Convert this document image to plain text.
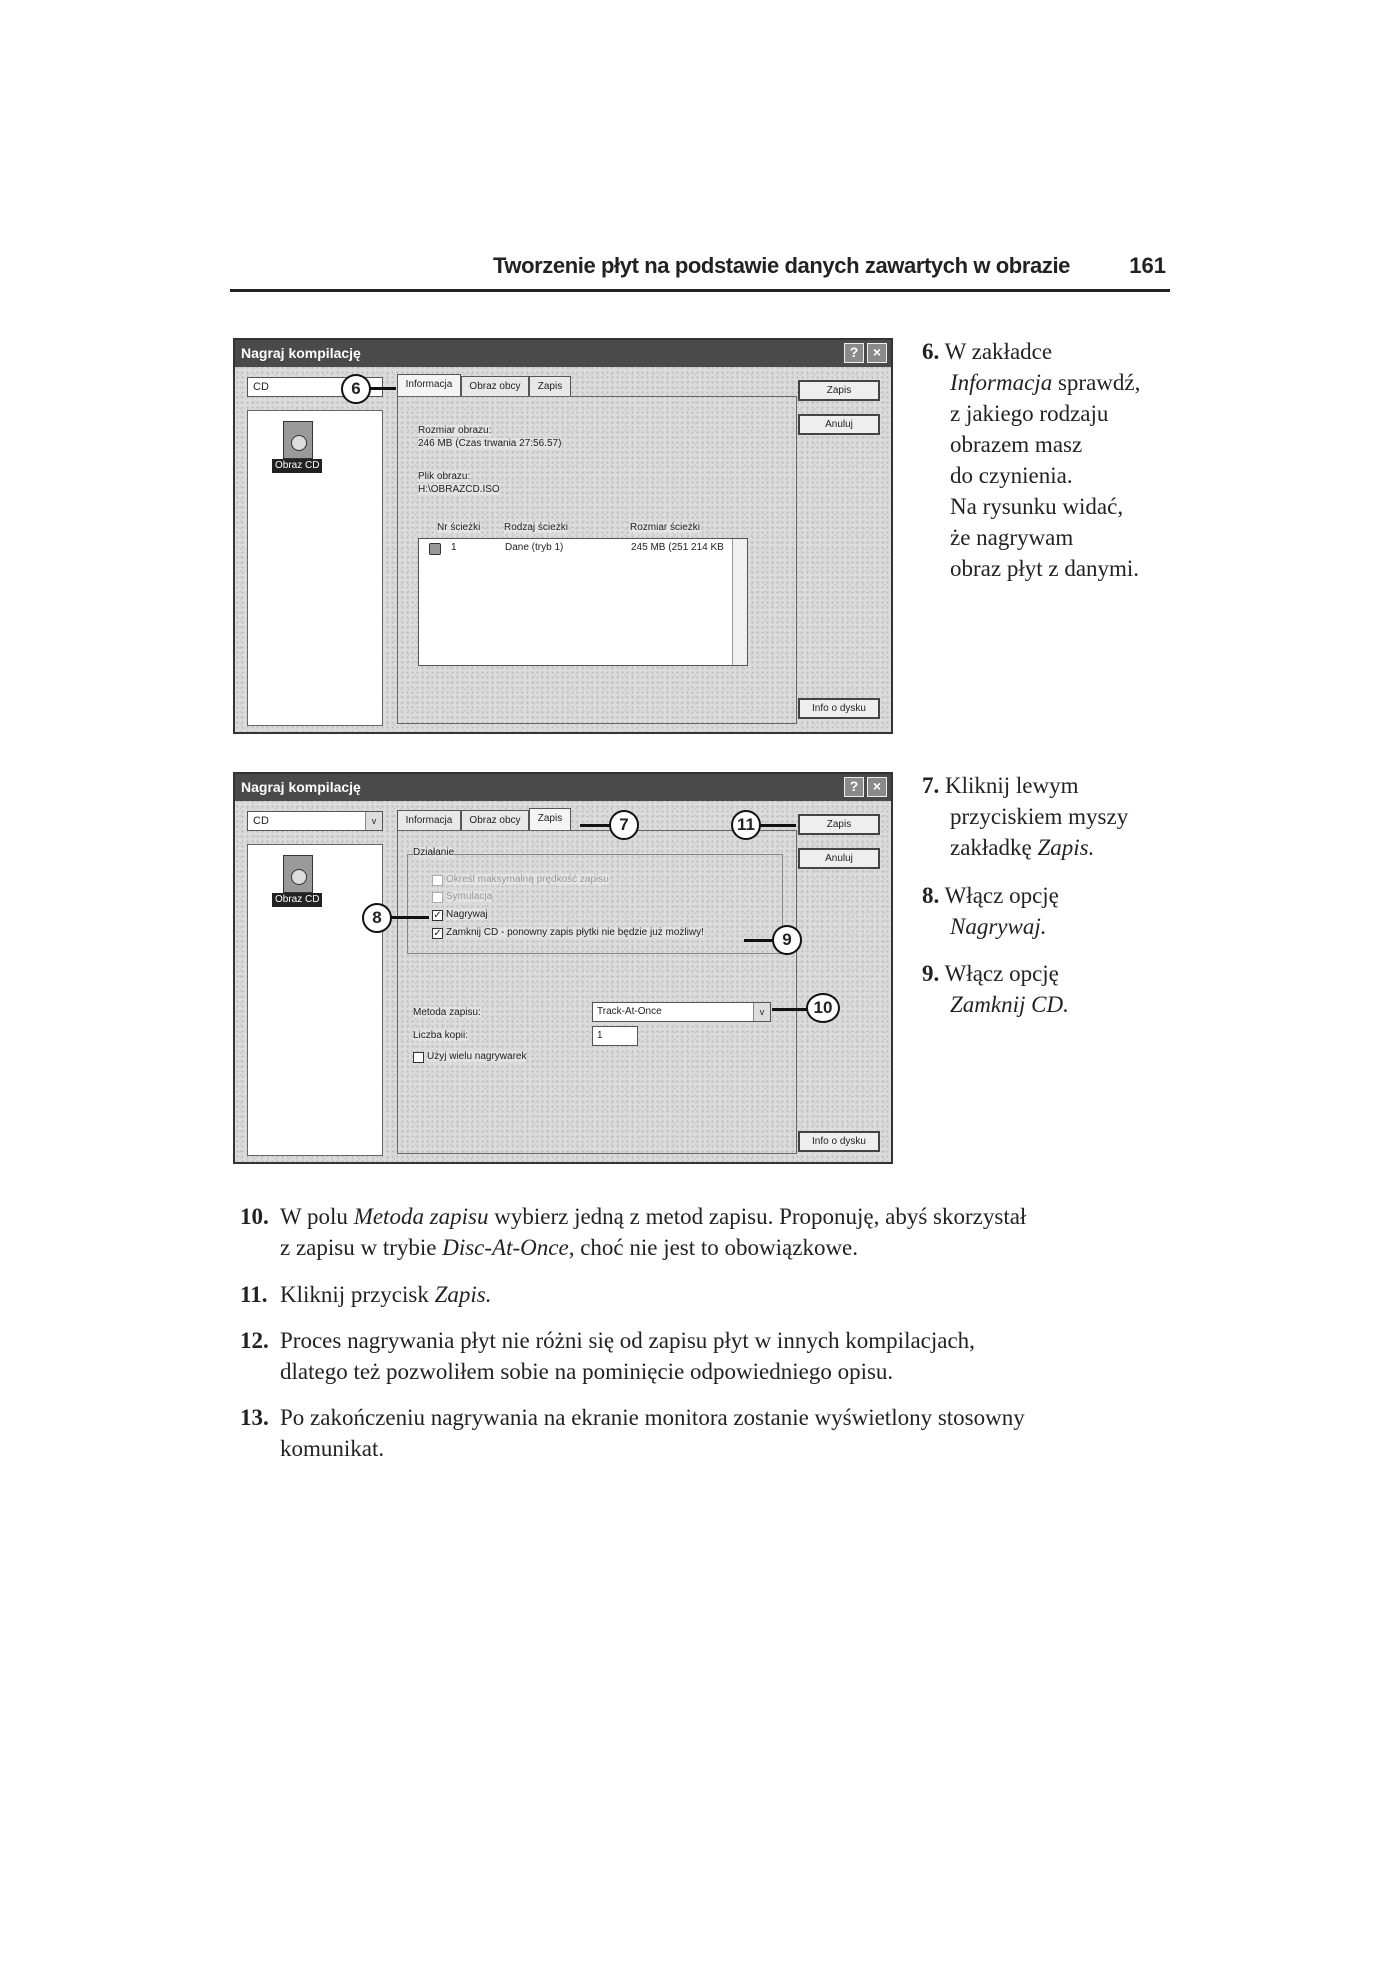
Tworzenie płyt na podstawie danych zawartych w obrazie	161
Nagraj kompilację	?	×
CD
Obraz CD
Informacja	Obraz obcy	Zapis
Rozmiar obrazu:
246 MB (Czas trwania 27:56.57)
Plik obrazu:
H:\OBRAZCD.ISO
Nr ścieżki Rodzaj ścieżki	Rozmiar ścieżki
1	Dane (tryb 1)	245 MB (251 214 KB
Zapis
Anuluj
Info o dysku
6
Nagraj kompilację	?	×
CD	v
Obraz CD
Informacja	Obraz obcy	Zapis
Działanie
Określ maksymalną prędkość zapisu
Symulacja
✓ Nagrywaj
✓ Zamknij CD - ponowny zapis płytki nie będzie już możliwy!
Metoda zapisu:	Track-At-Once	v
Liczba kopii:	1
Użyj wielu nagrywarek
Zapis
Anuluj
Info o dysku
7	11
8
9
10
6. W zakładce
Informacja sprawdź,
z jakiego rodzaju
obrazem masz
do czynienia.
Na rysunku widać,
że nagrywam
obraz płyt z danymi.
7. Kliknij lewym
przyciskiem myszy
zakładkę Zapis.
8. Włącz opcję
Nagrywaj.
9. Włącz opcję
Zamknij CD.
10. W polu Metoda zapisu wybierz jedną z metod zapisu. Proponuję, abyś skorzystał
z zapisu w trybie Disc-At-Once, choć nie jest to obowiązkowe.
11. Kliknij przycisk Zapis.
12. Proces nagrywania płyt nie różni się od zapisu płyt w innych kompilacjach,
dlatego też pozwoliłem sobie na pominięcie odpowiedniego opisu.
13. Po zakończeniu nagrywania na ekranie monitora zostanie wyświetlony stosowny
komunikat.
